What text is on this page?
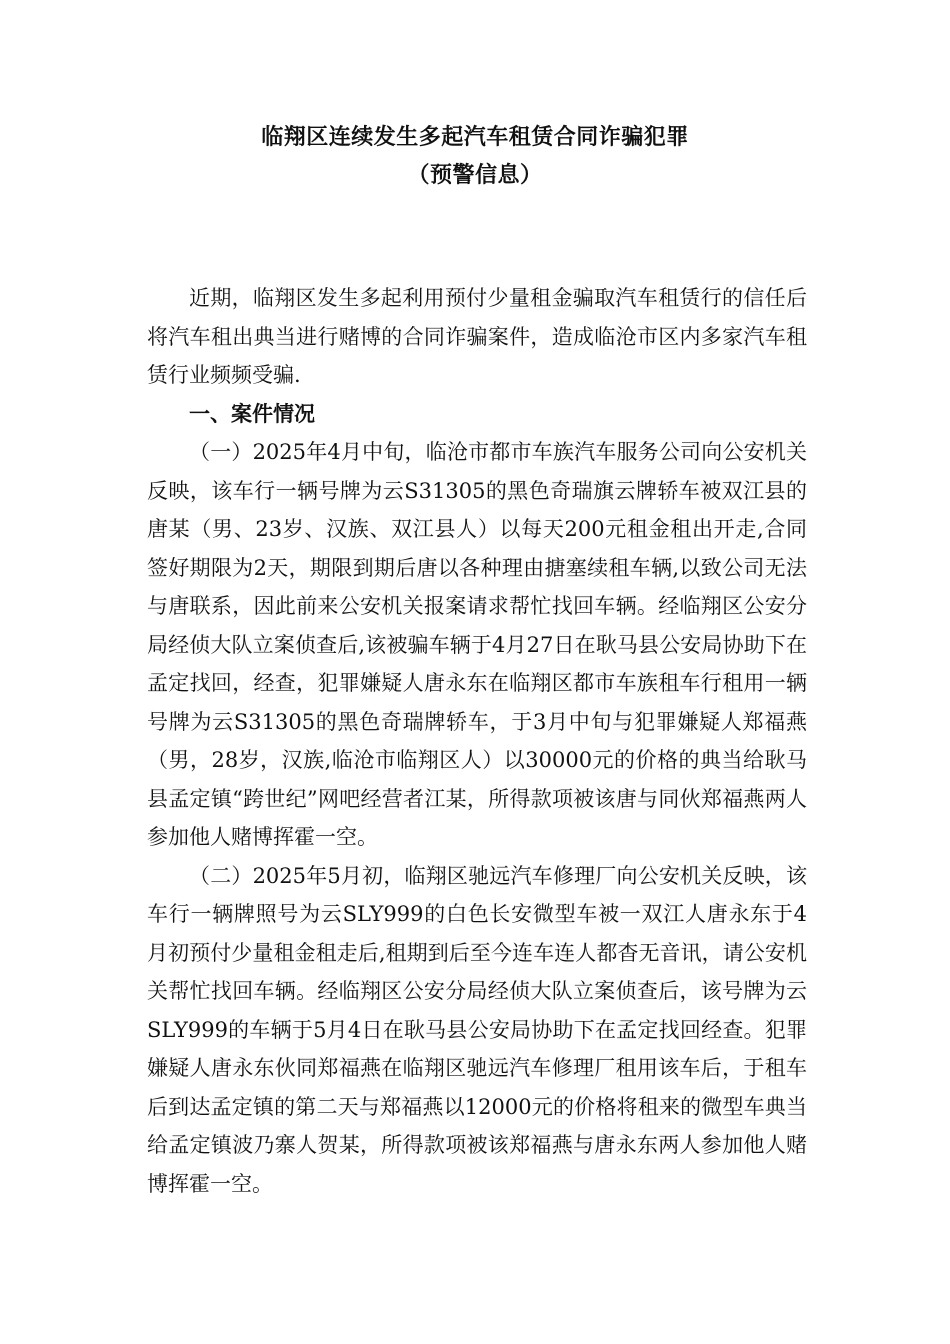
临翔区连续发生多起汽车租赁合同诈骗犯罪
（预警信息）

近期，临翔区发生多起利用预付少量租金骗取汽车租赁行的信任后将汽车租出典当进行赌博的合同诈骗案件，造成临沧市区内多家汽车租赁行业频频受骗.

一、案件情况

（一）2025年4月中旬，临沧市都市车族汽车服务公司向公安机关反映，该车行一辆号牌为云S31305的黑色奇瑞旗云牌轿车被双江县的唐某（男、23岁、汉族、双江县人）以每天200元租金租出开走,合同签好期限为2天，期限到期后唐以各种理由搪塞续租车辆,以致公司无法与唐联系，因此前来公安机关报案请求帮忙找回车辆。经临翔区公安分局经侦大队立案侦查后,该被骗车辆于4月27日在耿马县公安局协助下在孟定找回，经查，犯罪嫌疑人唐永东在临翔区都市车族租车行租用一辆号牌为云S31305的黑色奇瑞牌轿车，于3月中旬与犯罪嫌疑人郑福燕（男，28岁，汉族,临沧市临翔区人）以30000元的价格的典当给耿马县孟定镇“跨世纪”网吧经营者江某，所得款项被该唐与同伙郑福燕两人参加他人赌博挥霍一空。

（二）2025年5月初，临翔区驰远汽车修理厂向公安机关反映，该车行一辆牌照号为云SLY999的白色长安微型车被一双江人唐永东于4月初预付少量租金租走后,租期到后至今连车连人都杳无音讯，请公安机关帮忙找回车辆。经临翔区公安分局经侦大队立案侦查后，该号牌为云SLY999的车辆于5月4日在耿马县公安局协助下在孟定找回经查。犯罪嫌疑人唐永东伙同郑福燕在临翔区驰远汽车修理厂租用该车后，于租车后到达孟定镇的第二天与郑福燕以12000元的价格将租来的微型车典当给孟定镇波乃寨人贺某，所得款项被该郑福燕与唐永东两人参加他人赌博挥霍一空。
